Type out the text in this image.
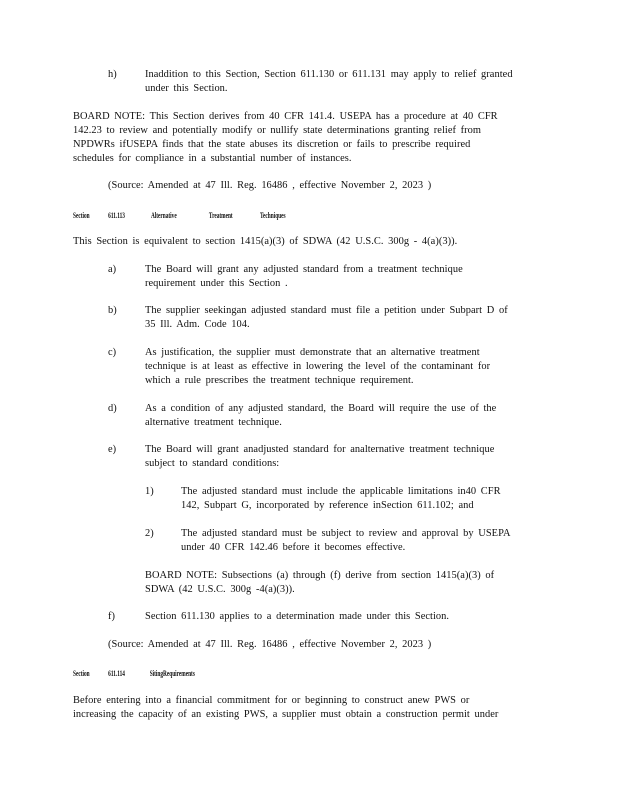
h)	Inaddition to this Section, Section 611.130 or 611.131 may apply to relief granted
under this Section.
BOARD NOTE: This Section derives from 40 CFR 141.4. USEPA has a procedure at 40 CFR
142.23 to review and potentially modify or nullify state determinations granting relief from
NPDWRs ifUSEPA finds that the state abuses its discretion or fails to prescribe required
schedules for compliance in a substantial number of instances.
(Source: Amended at 47 Ill. Reg. 16486 , effective November 2, 2023 )
Section 611.113	Alternative	Treatment	Techniques
This Section is equivalent to section 1415(a)(3) of SDWA (42 U.S.C. 300g - 4(a)(3)).
a)	The Board will grant any adjusted standard from a treatment technique
requirement under this Section .
b)	The supplier seekingan adjusted standard must file a petition under Subpart D of
35 Ill. Adm. Code 104.
c)	As justification, the supplier must demonstrate that an alternative treatment
technique is at least as effective in lowering the level of the contaminant for
which a rule prescribes the treatment technique requirement.
d)	As a condition of any adjusted standard, the Board will require the use of the
alternative treatment technique.
e)	The Board will grant anadjusted standard for analternative treatment technique
subject to standard conditions:
1)	The adjusted standard must include the applicable limitations in40 CFR
142, Subpart G, incorporated by reference inSection 611.102; and
2)	The adjusted standard must be subject to review and approval by USEPA
under 40 CFR 142.46 before it becomes effective.
BOARD NOTE: Subsections (a) through (f) derive from section 1415(a)(3) of
SDWA (42 U.S.C. 300g -4(a)(3)).
f)	Section 611.130 applies to a determination made under this Section.
(Source: Amended at 47 Ill. Reg. 16486 , effective November 2, 2023 )
Section 611.114	SitingRequirements
Before entering into a financial commitment for or beginning to construct anew PWS or
increasing the capacity of an existing PWS, a supplier must obtain a construction permit under
